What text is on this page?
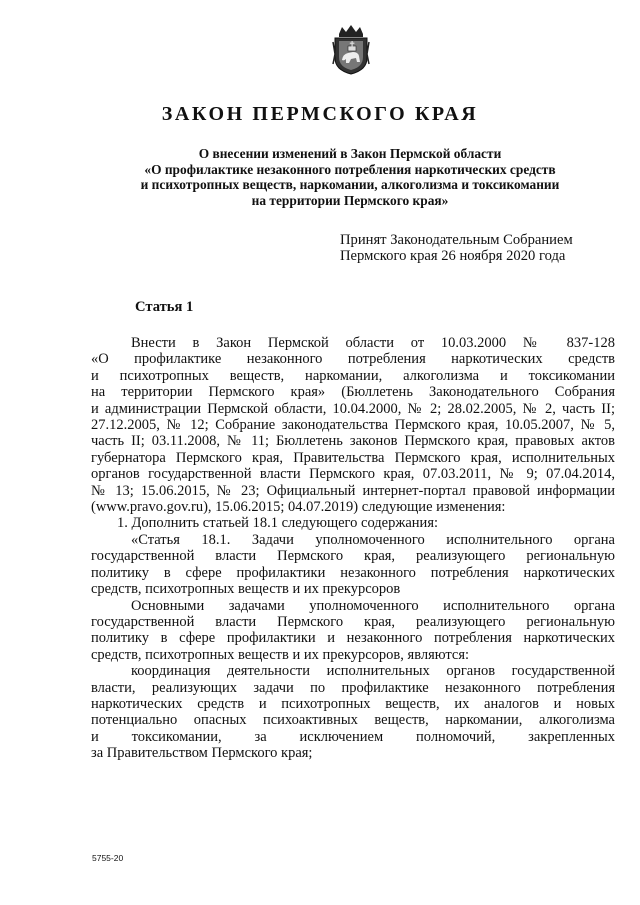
ЗАКОН ПЕРМСКОГО КРАЯ
О внесении изменений в Закон Пермской области
«О профилактике незаконного потребления наркотических средств
и психотропных веществ, наркомании, алкоголизма и токсикомании
на территории Пермского края»
Принят Законодательным Собранием
Пермского края 26 ноября 2020 года
Статья 1

Внести в Закон Пермской области от 10.03.2000 № 837-128

«О профилактике незаконного потребления наркотических средств

и психотропных веществ, наркомании, алкоголизма и токсикомании

на территории Пермского края» (Бюллетень Законодательного Собрания

и администрации Пермской области, 10.04.2000, № 2; 28.02.2005, № 2, часть II;

27.12.2005, № 12; Собрание законодательства Пермского края, 10.05.2007, № 5,

часть II; 03.11.2008, № 11; Бюллетень законов Пермского края, правовых актов

губернатора Пермского края, Правительства Пермского края, исполнительных

органов государственной власти Пермского края, 07.03.2011, № 9; 07.04.2014,

№ 13; 15.06.2015, № 23; Официальный интернет-портал правовой информации

(www.pravo.gov.ru), 15.06.2015; 04.07.2019) следующие изменения:

1. Дополнить статьей 18.1 следующего содержания:

«Статья 18.1. Задачи уполномоченного исполнительного органа

государственной власти Пермского края, реализующего региональную

политику в сфере профилактики незаконного потребления наркотических

средств, психотропных веществ и их прекурсоров

Основными задачами уполномоченного исполнительного органа

государственной власти Пермского края, реализующего региональную

политику в сфере профилактики и незаконного потребления наркотических

средств, психотропных веществ и их прекурсоров, являются:

координация деятельности исполнительных органов государственной

власти, реализующих задачи по профилактике незаконного потребления

наркотических средств и психотропных веществ, их аналогов и новых

потенциально опасных психоактивных веществ, наркомании, алкоголизма

и токсикомании, за исключением полномочий, закрепленных

за Правительством Пермского края;

5755-20
